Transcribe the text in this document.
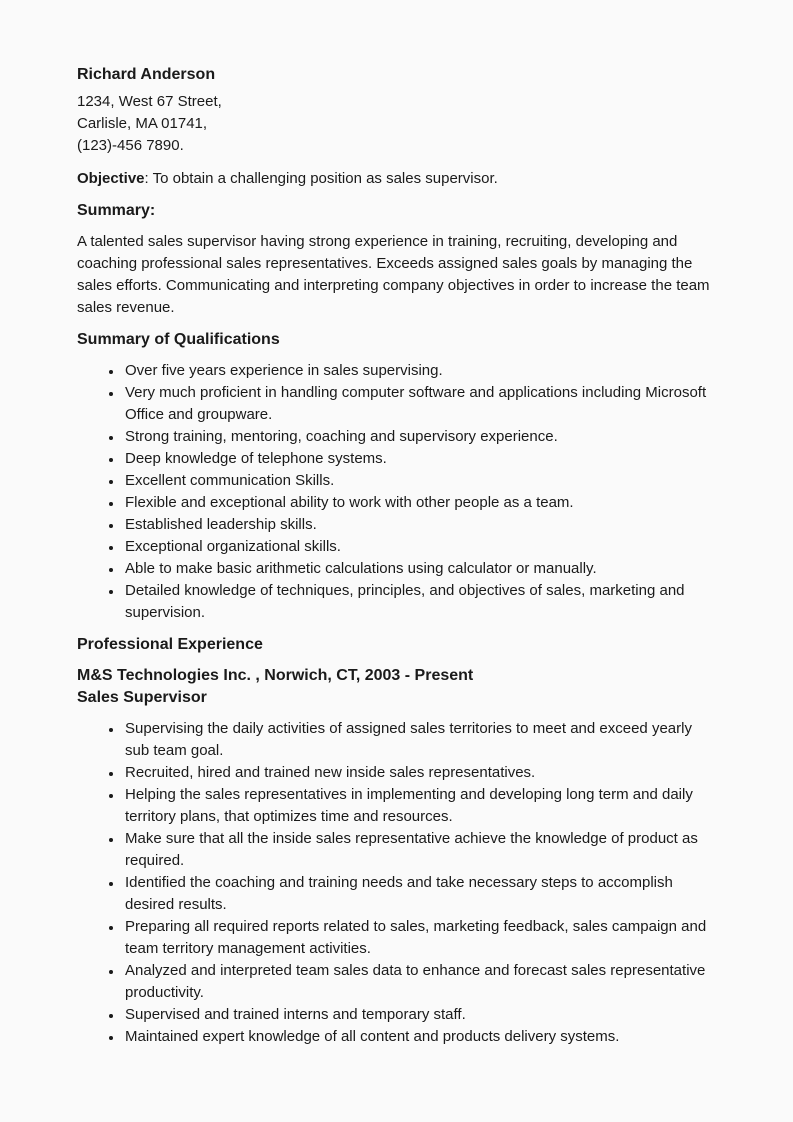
Richard Anderson
1234, West 67 Street,
Carlisle, MA 01741,
(123)-456 7890.

Objective: To obtain a challenging position as sales supervisor.

Summary:

A talented sales supervisor having strong experience in training, recruiting, developing and coaching professional sales representatives. Exceeds assigned sales goals by managing the sales efforts. Communicating and interpreting company objectives in order to increase the team sales revenue.

Summary of Qualifications
• Over five years experience in sales supervising.
• Very much proficient in handling computer software and applications including Microsoft Office and groupware.
• Strong training, mentoring, coaching and supervisory experience.
• Deep knowledge of telephone systems.
• Excellent communication Skills.
• Flexible and exceptional ability to work with other people as a team.
• Established leadership skills.
• Exceptional organizational skills.
• Able to make basic arithmetic calculations using calculator or manually.
• Detailed knowledge of techniques, principles, and objectives of sales, marketing and supervision.
Professional Experience
M&S Technologies Inc. , Norwich, CT, 2003 - Present
Sales Supervisor
• Supervising the daily activities of assigned sales territories to meet and exceed yearly sub team goal.
• Recruited, hired and trained new inside sales representatives.
• Helping the sales representatives in implementing and developing long term and daily territory plans, that optimizes time and resources.
• Make sure that all the inside sales representative achieve the knowledge of product as required.
• Identified the coaching and training needs and take necessary steps to accomplish desired results.
• Preparing all required reports related to sales, marketing feedback, sales campaign and team territory management activities.
• Analyzed and interpreted team sales data to enhance and forecast sales representative productivity.
• Supervised and trained interns and temporary staff.
• Maintained expert knowledge of all content and products delivery systems.
